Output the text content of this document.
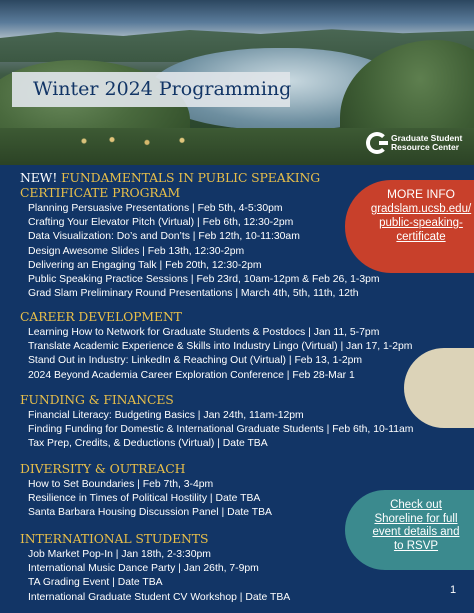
Winter 2024 Programming
Graduate Student
Resource Center
NEW! FUNDAMENTALS IN PUBLIC SPEAKING
CERTIFICATE PROGRAM
Planning Persuasive Presentations | Feb 5th, 4-5:30pm
Crafting Your Elevator Pitch (Virtual) | Feb 6th, 12:30-2pm
Data Visualization: Do’s and Don’ts | Feb 12th, 10-11:30am
Design Awesome Slides | Feb 13th, 12:30-2pm
Delivering an Engaging Talk | Feb 20th, 12:30-2pm
Public Speaking Practice Sessions | Feb 23rd, 10am-12pm & Feb 26, 1-3pm
Grad Slam Preliminary Round Presentations | March 4th, 5th, 11th, 12th
CAREER DEVELOPMENT
Learning How to Network for Graduate Students & Postdocs | Jan 11, 5-7pm
Translate Academic Experience & Skills into Industry Lingo (Virtual) | Jan 17, 1-2pm
Stand Out in Industry: LinkedIn & Reaching Out (Virtual) | Feb 13, 1-2pm
2024 Beyond Academia Career Exploration Conference | Feb 28-Mar 1
FUNDING & FINANCES
Financial Literacy: Budgeting Basics | Jan 24th, 11am-12pm
Finding Funding for Domestic & International Graduate Students | Feb 6th, 10-11am
Tax Prep, Credits, & Deductions (Virtual) | Date TBA
DIVERSITY & OUTREACH
How to Set Boundaries | Feb 7th, 3-4pm
Resilience in Times of Political Hostility | Date TBA
Santa Barbara Housing Discussion Panel | Date TBA
INTERNATIONAL STUDENTS
Job Market Pop-In | Jan 18th, 2-3:30pm
International Music Dance Party | Jan 26th, 7-9pm
TA Grading Event | Date TBA
International Graduate Student CV Workshop | Date TBA
MORE INFO
gradslam.ucsb.edu/
public-speaking-
certificate
Check out
Shoreline for full
event details and
to RSVP
1
